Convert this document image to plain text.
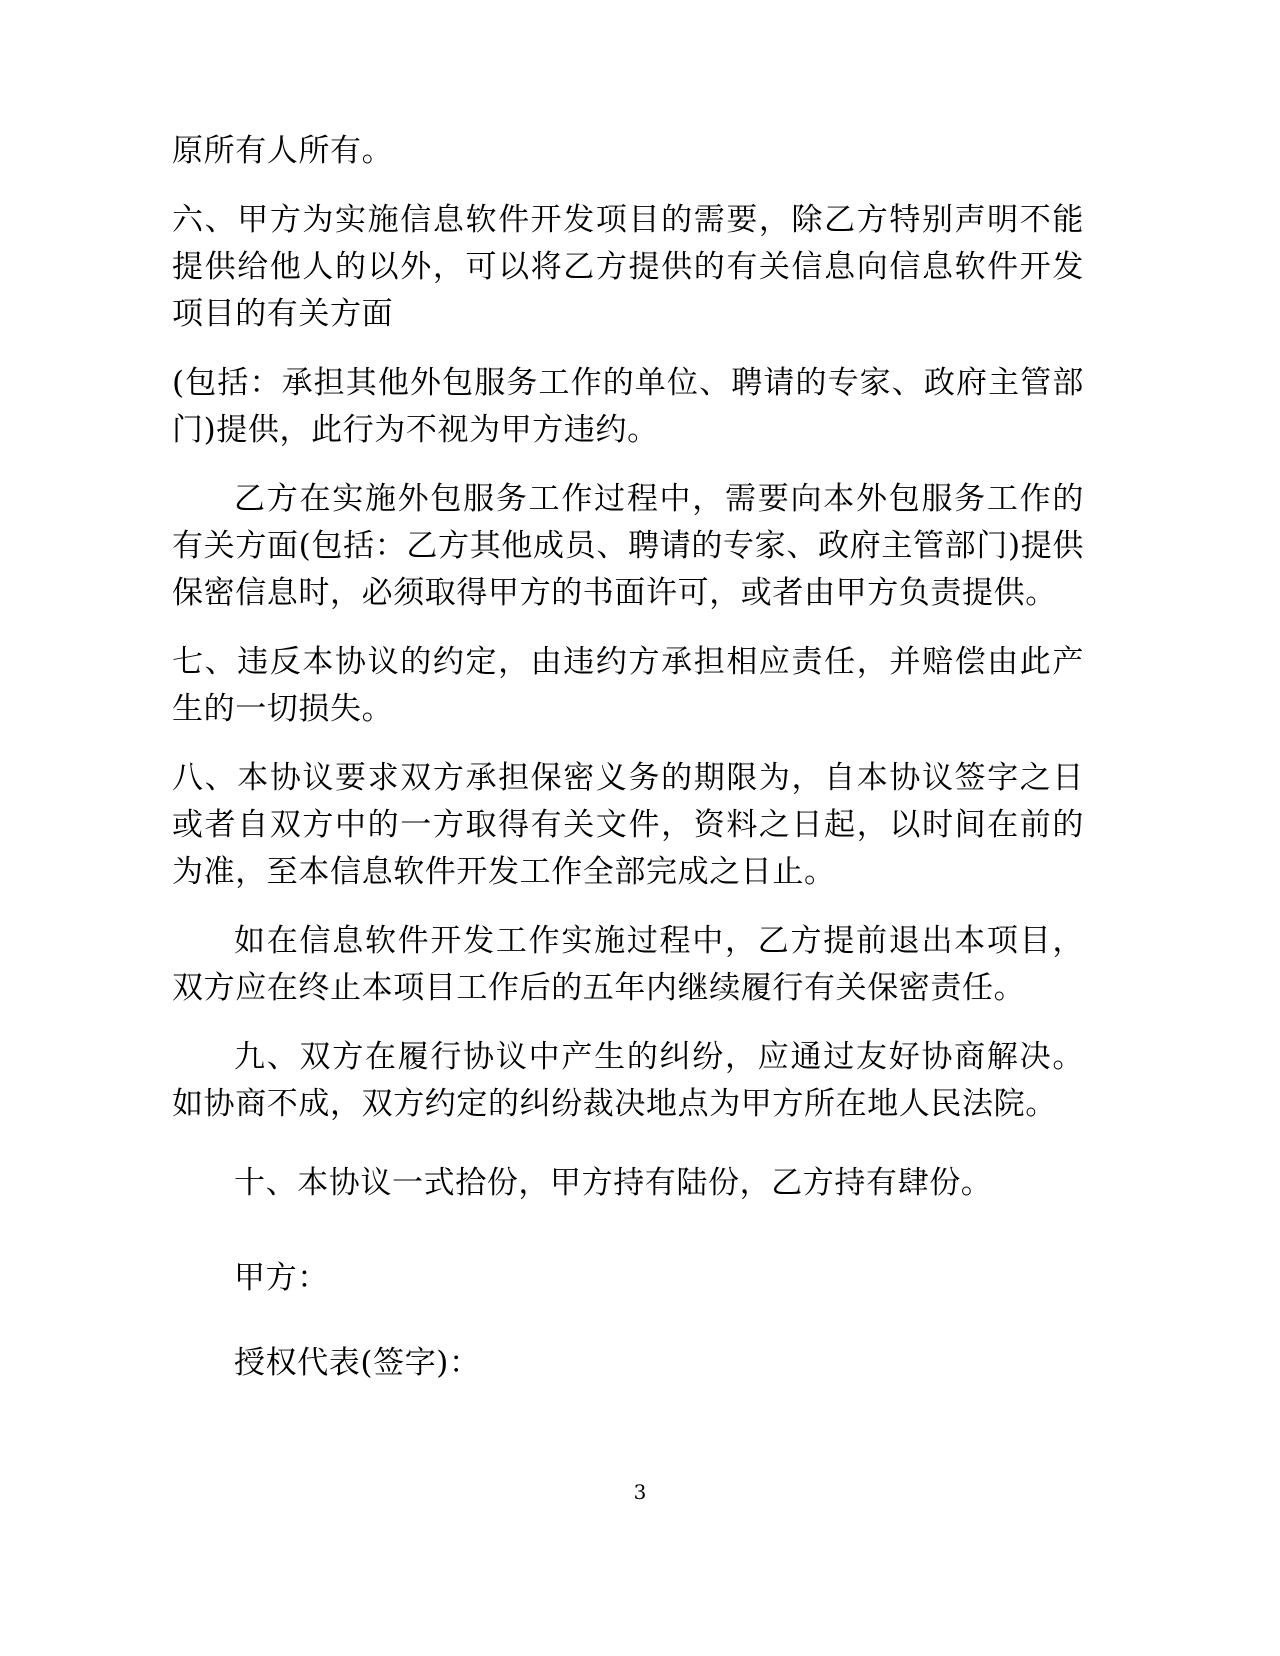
原所有人所有。

六、甲方为实施信息软件开发项目的需要，除乙方特别声明不能提供给他人的以外，可以将乙方提供的有关信息向信息软件开发项目的有关方面

(包括：承担其他外包服务工作的单位、聘请的专家、政府主管部门)提供，此行为不视为甲方违约。

乙方在实施外包服务工作过程中，需要向本外包服务工作的有关方面(包括：乙方其他成员、聘请的专家、政府主管部门)提供保密信息时，必须取得甲方的书面许可，或者由甲方负责提供。

七、违反本协议的约定，由违约方承担相应责任，并赔偿由此产生的一切损失。

八、本协议要求双方承担保密义务的期限为，自本协议签字之日或者自双方中的一方取得有关文件，资料之日起，以时间在前的为准，至本信息软件开发工作全部完成之日止。

如在信息软件开发工作实施过程中，乙方提前退出本项目，双方应在终止本项目工作后的五年内继续履行有关保密责任。

九、双方在履行协议中产生的纠纷，应通过友好协商解决。如协商不成，双方约定的纠纷裁决地点为甲方所在地人民法院。

十、本协议一式拾份，甲方持有陆份，乙方持有肆份。

甲方：

授权代表(签字)：

3
